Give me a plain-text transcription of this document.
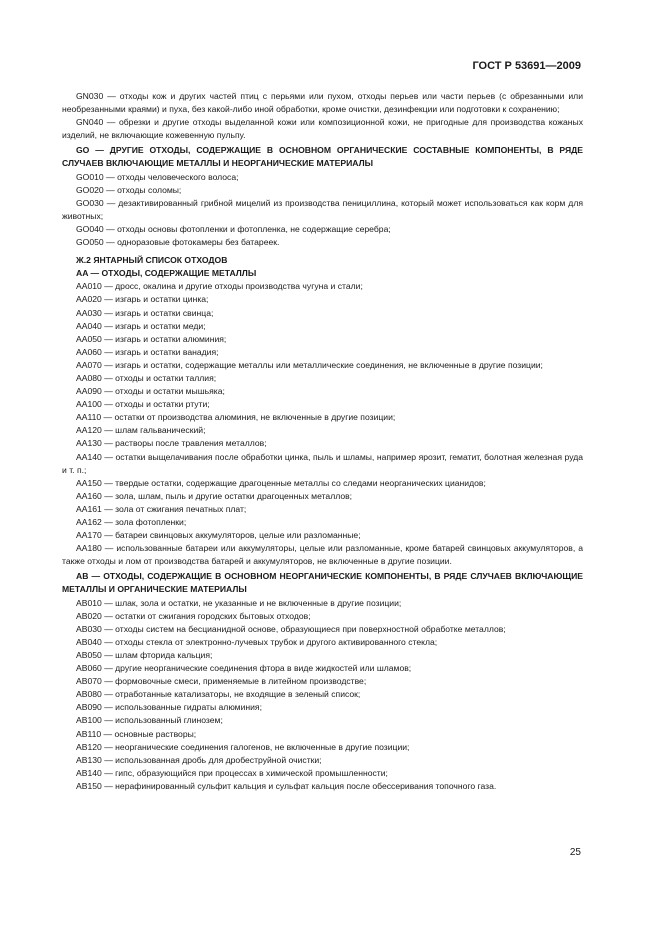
ГОСТ Р 53691—2009

GN030 — отходы кож и других частей птиц с перьями или пухом, отходы перьев или части перьев (с обрезанными или необрезанными краями) и пуха, без какой-либо иной обработки, кроме очистки, дезинфекции или подготовки к сохранению;

GN040 — обрезки и другие отходы выделанной кожи или композиционной кожи, не пригодные для производства кожаных изделий, не включающие кожевенную пульпу.

GO — ДРУГИЕ ОТХОДЫ, СОДЕРЖАЩИЕ В ОСНОВНОМ ОРГАНИЧЕСКИЕ СОСТАВНЫЕ КОМПОНЕНТЫ, В РЯДЕ СЛУЧАЕВ ВКЛЮЧАЮЩИЕ МЕТАЛЛЫ И НЕОРГАНИЧЕСКИЕ МАТЕРИАЛЫ

GO010 — отходы человеческого волоса;

GO020 — отходы соломы;

GO030 — дезактивированный грибной мицелий из производства пенициллина, который может использоваться как корм для животных;

GO040 — отходы основы фотопленки и фотопленка, не содержащие серебра;

GO050 — одноразовые фотокамеры без батареек.

Ж.2 ЯНТАРНЫЙ СПИСОК ОТХОДОВ

AA — ОТХОДЫ, СОДЕРЖАЩИЕ МЕТАЛЛЫ

AA010 — дросс, окалина и другие отходы производства чугуна и стали;

AA020 — изгарь и остатки цинка;

AA030 — изгарь и остатки свинца;

AA040 — изгарь и остатки меди;

AA050 — изгарь и остатки алюминия;

AA060 — изгарь и остатки ванадия;

AA070 — изгарь и остатки, содержащие металлы или металлические соединения, не включенные в другие позиции;

AA080 — отходы и остатки таллия;

AA090 — отходы и остатки мышьяка;

AA100 — отходы и остатки ртути;

AA110 — остатки от производства алюминия, не включенные в другие позиции;

AA120 — шлам гальванический;

AA130 — растворы после травления металлов;

AA140 — остатки выщелачивания после обработки цинка, пыль и шламы, например ярозит, гематит, болотная железная руда и т. п.;

AA150 — твердые остатки, содержащие драгоценные металлы со следами неорганических цианидов;

AA160 — зола, шлам, пыль и другие остатки драгоценных металлов;

AA161 — зола от сжигания печатных плат;

AA162 — зола фотопленки;

AA170 — батареи свинцовых аккумуляторов, целые или разломанные;

AA180 — использованные батареи или аккумуляторы, целые или разломанные, кроме батарей свинцовых аккумуляторов, а также отходы и лом от производства батарей и аккумуляторов, не включенные в другие позиции.

AB — ОТХОДЫ, СОДЕРЖАЩИЕ В ОСНОВНОМ НЕОРГАНИЧЕСКИЕ КОМПОНЕНТЫ, В РЯДЕ СЛУЧАЕВ ВКЛЮЧАЮЩИЕ МЕТАЛЛЫ И ОРГАНИЧЕСКИЕ МАТЕРИАЛЫ

AB010 — шлак, зола и остатки, не указанные и не включенные в другие позиции;

AB020 — остатки от сжигания городских бытовых отходов;

AB030 — отходы систем на бесцианидной основе, образующиеся при поверхностной обработке металлов;

AB040 — отходы стекла от электронно-лучевых трубок и другого активированного стекла;

AB050 — шлам фторида кальция;

AB060 — другие неорганические соединения фтора в виде жидкостей или шламов;

AB070 — формовочные смеси, применяемые в литейном производстве;

AB080 — отработанные катализаторы, не входящие в зеленый список;

AB090 — использованные гидраты алюминия;

AB100 — использованный глинозем;

AB110 — основные растворы;

AB120 — неорганические соединения галогенов, не включенные в другие позиции;

AB130 — использованная дробь для дробеструйной очистки;

AB140 — гипс, образующийся при процессах в химической промышленности;

AB150 — нерафинированный сульфит кальция и сульфат кальция после обессеривания топочного газа.

25
